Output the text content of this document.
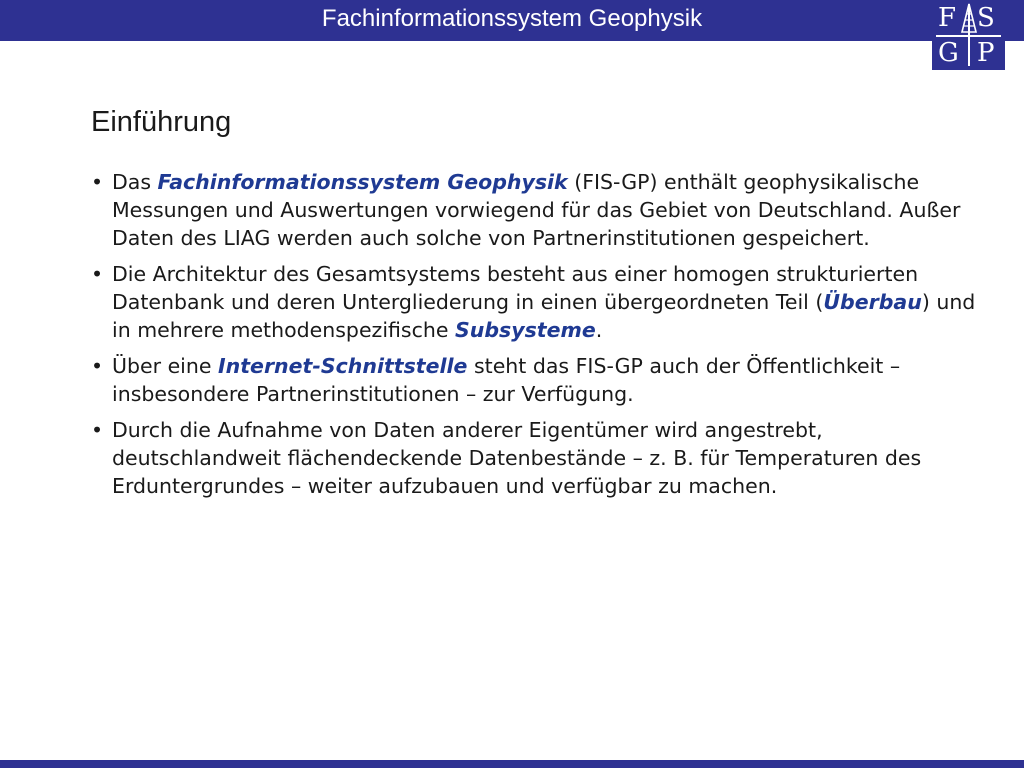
Fachinformationssystem Geophysik	F S
G P
Einführung

• Das Fachinformationssystem Geophysik (FIS-GP) enthält geophysikalische Messungen und Auswertungen vorwiegend für das Gebiet von Deutschland. Außer Daten des LIAG werden auch solche von Partnerinstitutionen gespeichert.

• Die Architektur des Gesamtsystems besteht aus einer homogen strukturierten Datenbank und deren Untergliederung in einen übergeordneten Teil (Überbau) und in mehrere methodenspezifische Subsysteme.

• Über eine Internet-Schnittstelle steht das FIS-GP auch der Öffentlichkeit – insbesondere Partnerinstitutionen – zur Verfügung.

• Durch die Aufnahme von Daten anderer Eigentümer wird angestrebt, deutschlandweit flächendeckende Datenbestände – z. B. für Temperaturen des Erduntergrundes – weiter aufzubauen und verfügbar zu machen.
